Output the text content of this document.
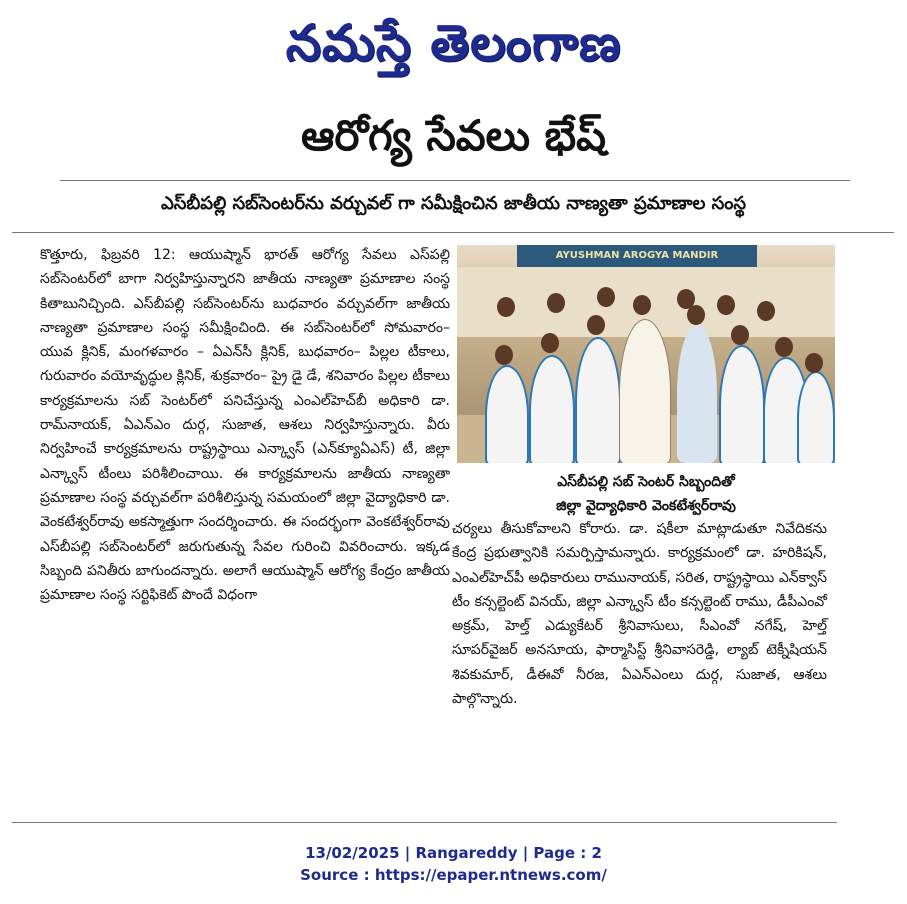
నమస్తే తెలంగాణ
ఆరోగ్య సేవలు భేష్
ఎస్‌బీపల్లి సబ్‌సెంటర్‌ను వర్చువల్ గా సమీక్షించిన జాతీయ నాణ్యతా ప్రమాణాల సంస్థ

కొత్తూరు, ఫిబ్రవరి 12: ఆయుష్మాన్ భారత్ ఆరోగ్య సేవలు ఎస్‌పల్లి సబ్‌సెంటర్‌లో బాగా నిర్వహిస్తున్నారని జాతీయ నాణ్యతా ప్రమాణాల సంస్థ కితాబునిచ్చింది. ఎస్‌బీపల్లి సబ్‌సెంటర్‌ను బుధవారం వర్చువల్‌గా జాతీయ నాణ్యతా ప్రమాణాల సంస్థ సమీక్షించింది. ఈ సబ్‌సెంటర్‌లో సోమవారం– యువ క్లినిక్, మంగళవారం – ఏఎన్‌సీ క్లినిక్, బుధవారం– పిల్లల టీకాలు, గురువారం వయోవృద్ధుల క్లినిక్, శుక్రవారం– ప్రై డై డే, శనివారం పిల్లల టీకాలు కార్యక్రమాలను సబ్ సెంటర్‌లో పనిచేస్తున్న ఎంఎల్‌హెచ్‌బీ అధికారి డా. రామ్‌నాయక్, ఏఎన్ఎం దుర్గ, సుజాత, ఆశలు నిర్వహిస్తున్నారు. వీరు నిర్వహించే కార్యక్రమాలను రాష్ట్రస్థాయి ఎన్క్వాస్ (ఎన్‌క్యూఏఎస్) టీ, జిల్లా ఎన్క్వాస్ టీంలు పరిశీలించాయి. ఈ కార్యక్రమాలను జాతీయ నాణ్యతా ప్రమాణాల సంస్థ వర్చువల్‌గా పరిశీలిస్తున్న సమయంలో జిల్లా వైద్యాధికారి డా. వెంకటేశ్వర్‌రావు అకస్మాత్తుగా సందర్శించారు. ఈ సందర్భంగా వెంకటేశ్వర్‌రావు ఎస్‌బీపల్లి సబ్‌సెంటర్‌లో జరుగుతున్న సేవల గురించి వివరించారు. ఇక్కడ సిబ్బంది పనితీరు బాగుందన్నారు. అలాగే ఆయుష్మాన్ ఆరోగ్య కేంద్రం జాతీయ ప్రమాణాల సంస్థ సర్టిఫికెట్ పొందే విధంగా

AYUSHMAN AROGYA MANDIR
ఎస్‌బీపల్లి సబ్ సెంటర్ సిబ్బందితో
జిల్లా వైద్యాధికారి వెంకటేశ్వర్‌రావు

చర్యలు తీసుకోవాలని కోరారు. డా. షకీలా మాట్లాడుతూ నివేదికను కేంద్ర ప్రభుత్వానికి సమర్పిస్తామన్నారు. కార్యక్రమంలో డా. హరికిషన్, ఎంఎల్‌హెచ్‌పీ అధికారులు రామునాయక్, సరిత, రాష్ట్రస్థాయి ఎన్‌క్వాస్ టీం కన్సల్టెంట్ వినయ్, జిల్లా ఎన్క్వాస్ టీం కన్సల్టెంట్ రాము, డీపీఎంవో అక్రమ్, హెల్త్ ఎడ్యుకేటర్ శ్రీనివాసులు, సీఎంవో నగేష్, హెల్త్ సూపర్‌వైజర్ అనసూయ, ఫార్మాసిస్ట్ శ్రీనివాసరెడ్డి, ల్యాబ్ టెక్నీషియన్ శివకుమార్, డీఈవో నీరజ, ఏఎన్‌ఎంలు దుర్గ, సుజాత, ఆశలు పాల్గొన్నారు.

13/02/2025 | Rangareddy | Page : 2
Source : https://epaper.ntnews.com/
